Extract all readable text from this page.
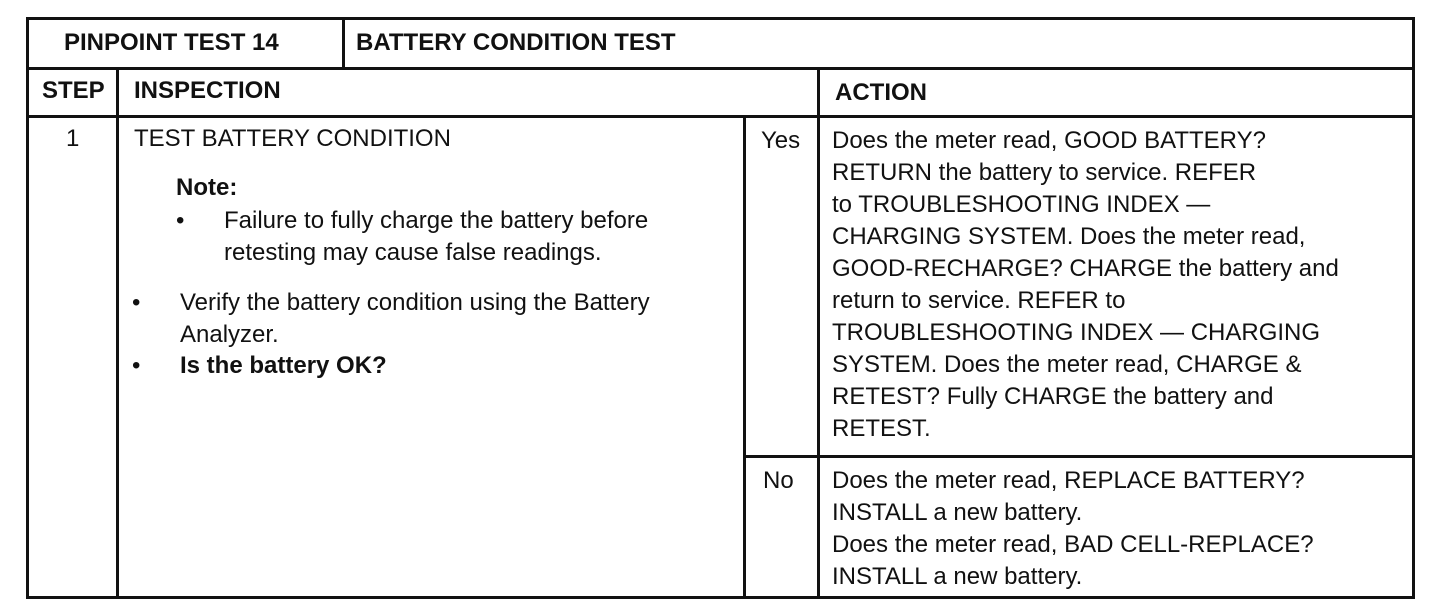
PINPOINT TEST 14	BATTERY CONDITION TEST
STEP INSPECTION	ACTION
1 TEST BATTERY CONDITION
Note:
• Failure to fully charge the battery before
retesting may cause false readings.
• Verify the battery condition using the Battery
Analyzer.
• Is the battery OK?
Yes Does the meter read, GOOD BATTERY?
RETURN the battery to service. REFER
to TROUBLESHOOTING INDEX —
CHARGING SYSTEM. Does the meter read,
GOOD-RECHARGE? CHARGE the battery and
return to service. REFER to
TROUBLESHOOTING INDEX — CHARGING
SYSTEM. Does the meter read, CHARGE &
RETEST? Fully CHARGE the battery and
RETEST.
No Does the meter read, REPLACE BATTERY?
INSTALL a new battery.
Does the meter read, BAD CELL-REPLACE?
INSTALL a new battery.
